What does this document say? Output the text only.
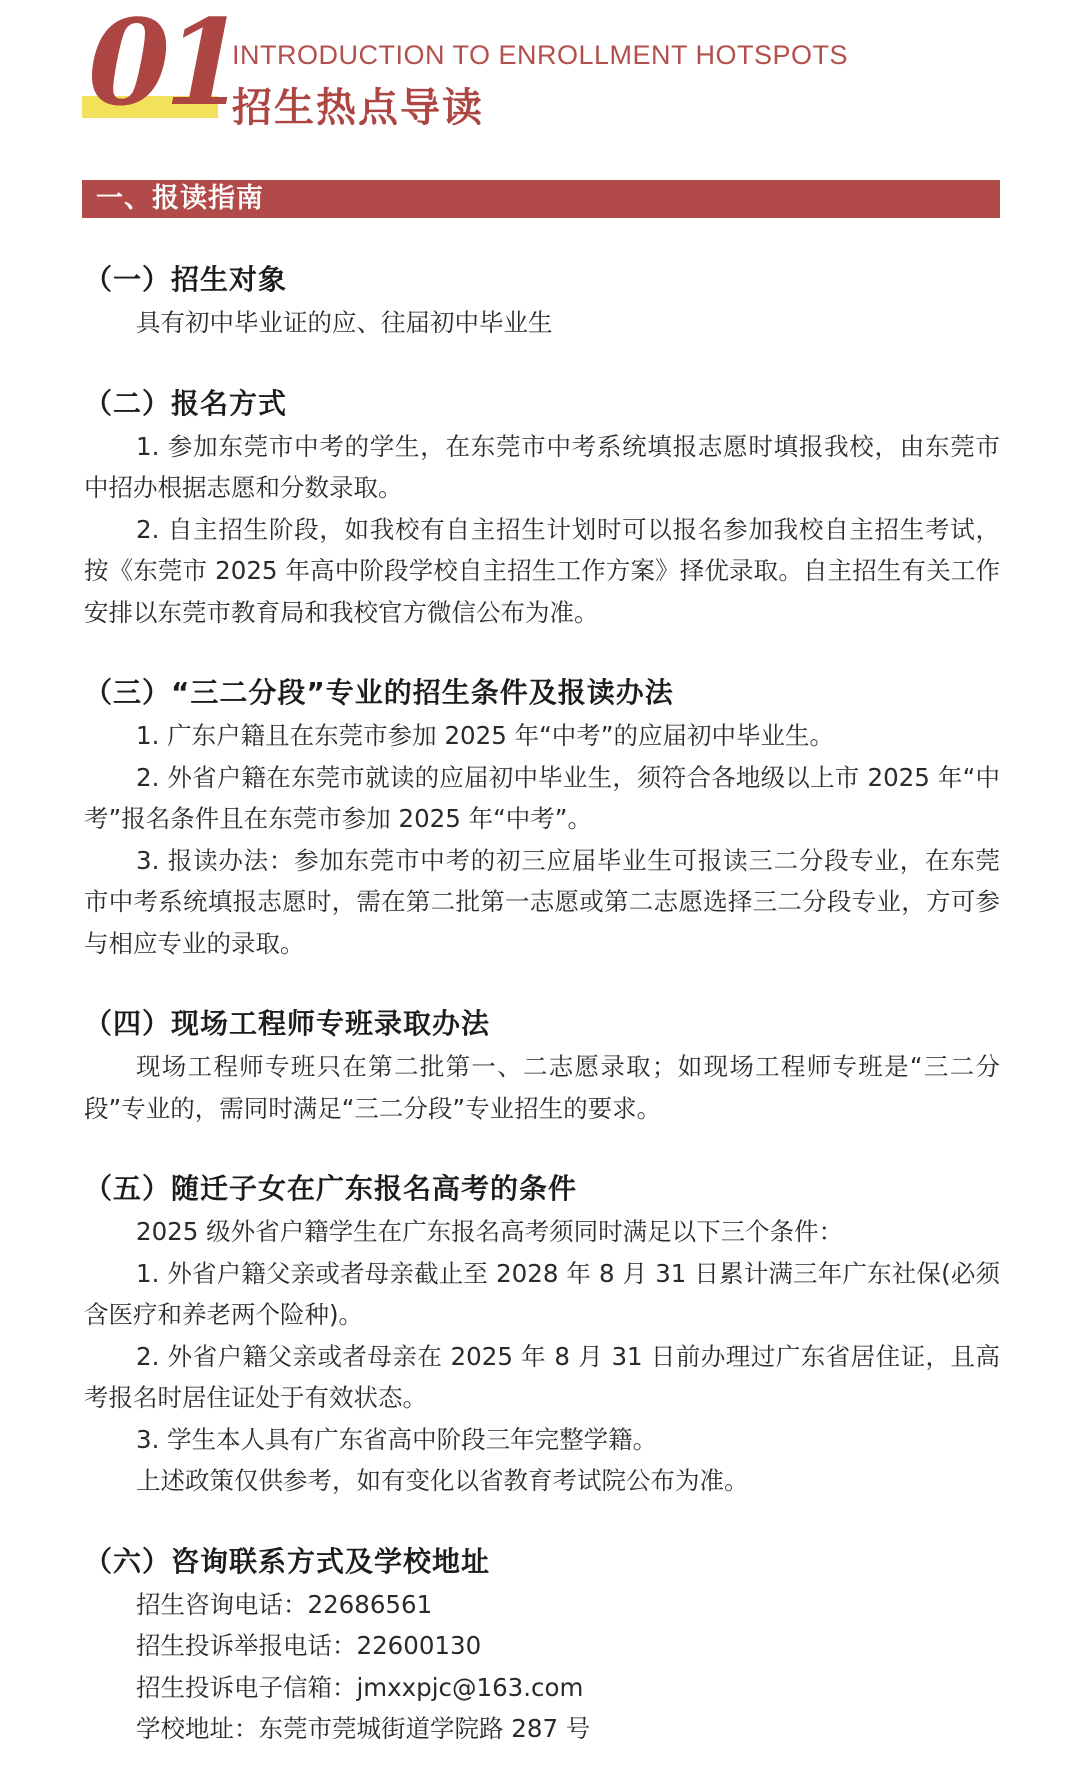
01
INTRODUCTION TO ENROLLMENT HOTSPOTS
招生热点导读
一、报读指南
（一）招生对象

具有初中毕业证的应、往届初中毕业生

（二）报名方式

1. 参加东莞市中考的学生，在东莞市中考系统填报志愿时填报我校，由东莞市中招办根据志愿和分数录取。

2. 自主招生阶段，如我校有自主招生计划时可以报名参加我校自主招生考试，按《东莞市 2025 年高中阶段学校自主招生工作方案》择优录取。自主招生有关工作安排以东莞市教育局和我校官方微信公布为准。

（三）“三二分段”专业的招生条件及报读办法

1. 广东户籍且在东莞市参加 2025 年“中考”的应届初中毕业生。

2. 外省户籍在东莞市就读的应届初中毕业生，须符合各地级以上市 2025 年“中考”报名条件且在东莞市参加 2025 年“中考”。

3. 报读办法：参加东莞市中考的初三应届毕业生可报读三二分段专业，在东莞市中考系统填报志愿时，需在第二批第一志愿或第二志愿选择三二分段专业，方可参与相应专业的录取。

（四）现场工程师专班录取办法

现场工程师专班只在第二批第一、二志愿录取；如现场工程师专班是“三二分段”专业的，需同时满足“三二分段”专业招生的要求。

（五）随迁子女在广东报名高考的条件

2025 级外省户籍学生在广东报名高考须同时满足以下三个条件：

1. 外省户籍父亲或者母亲截止至 2028 年 8 月 31 日累计满三年广东社保(必须含医疗和养老两个险种)。

2. 外省户籍父亲或者母亲在 2025 年 8 月 31 日前办理过广东省居住证，且高考报名时居住证处于有效状态。

3. 学生本人具有广东省高中阶段三年完整学籍。

上述政策仅供参考，如有变化以省教育考试院公布为准。

（六）咨询联系方式及学校地址

招生咨询电话：22686561

招生投诉举报电话：22600130

招生投诉电子信箱：jmxxpjc@163.com

学校地址：东莞市莞城街道学院路 287 号
